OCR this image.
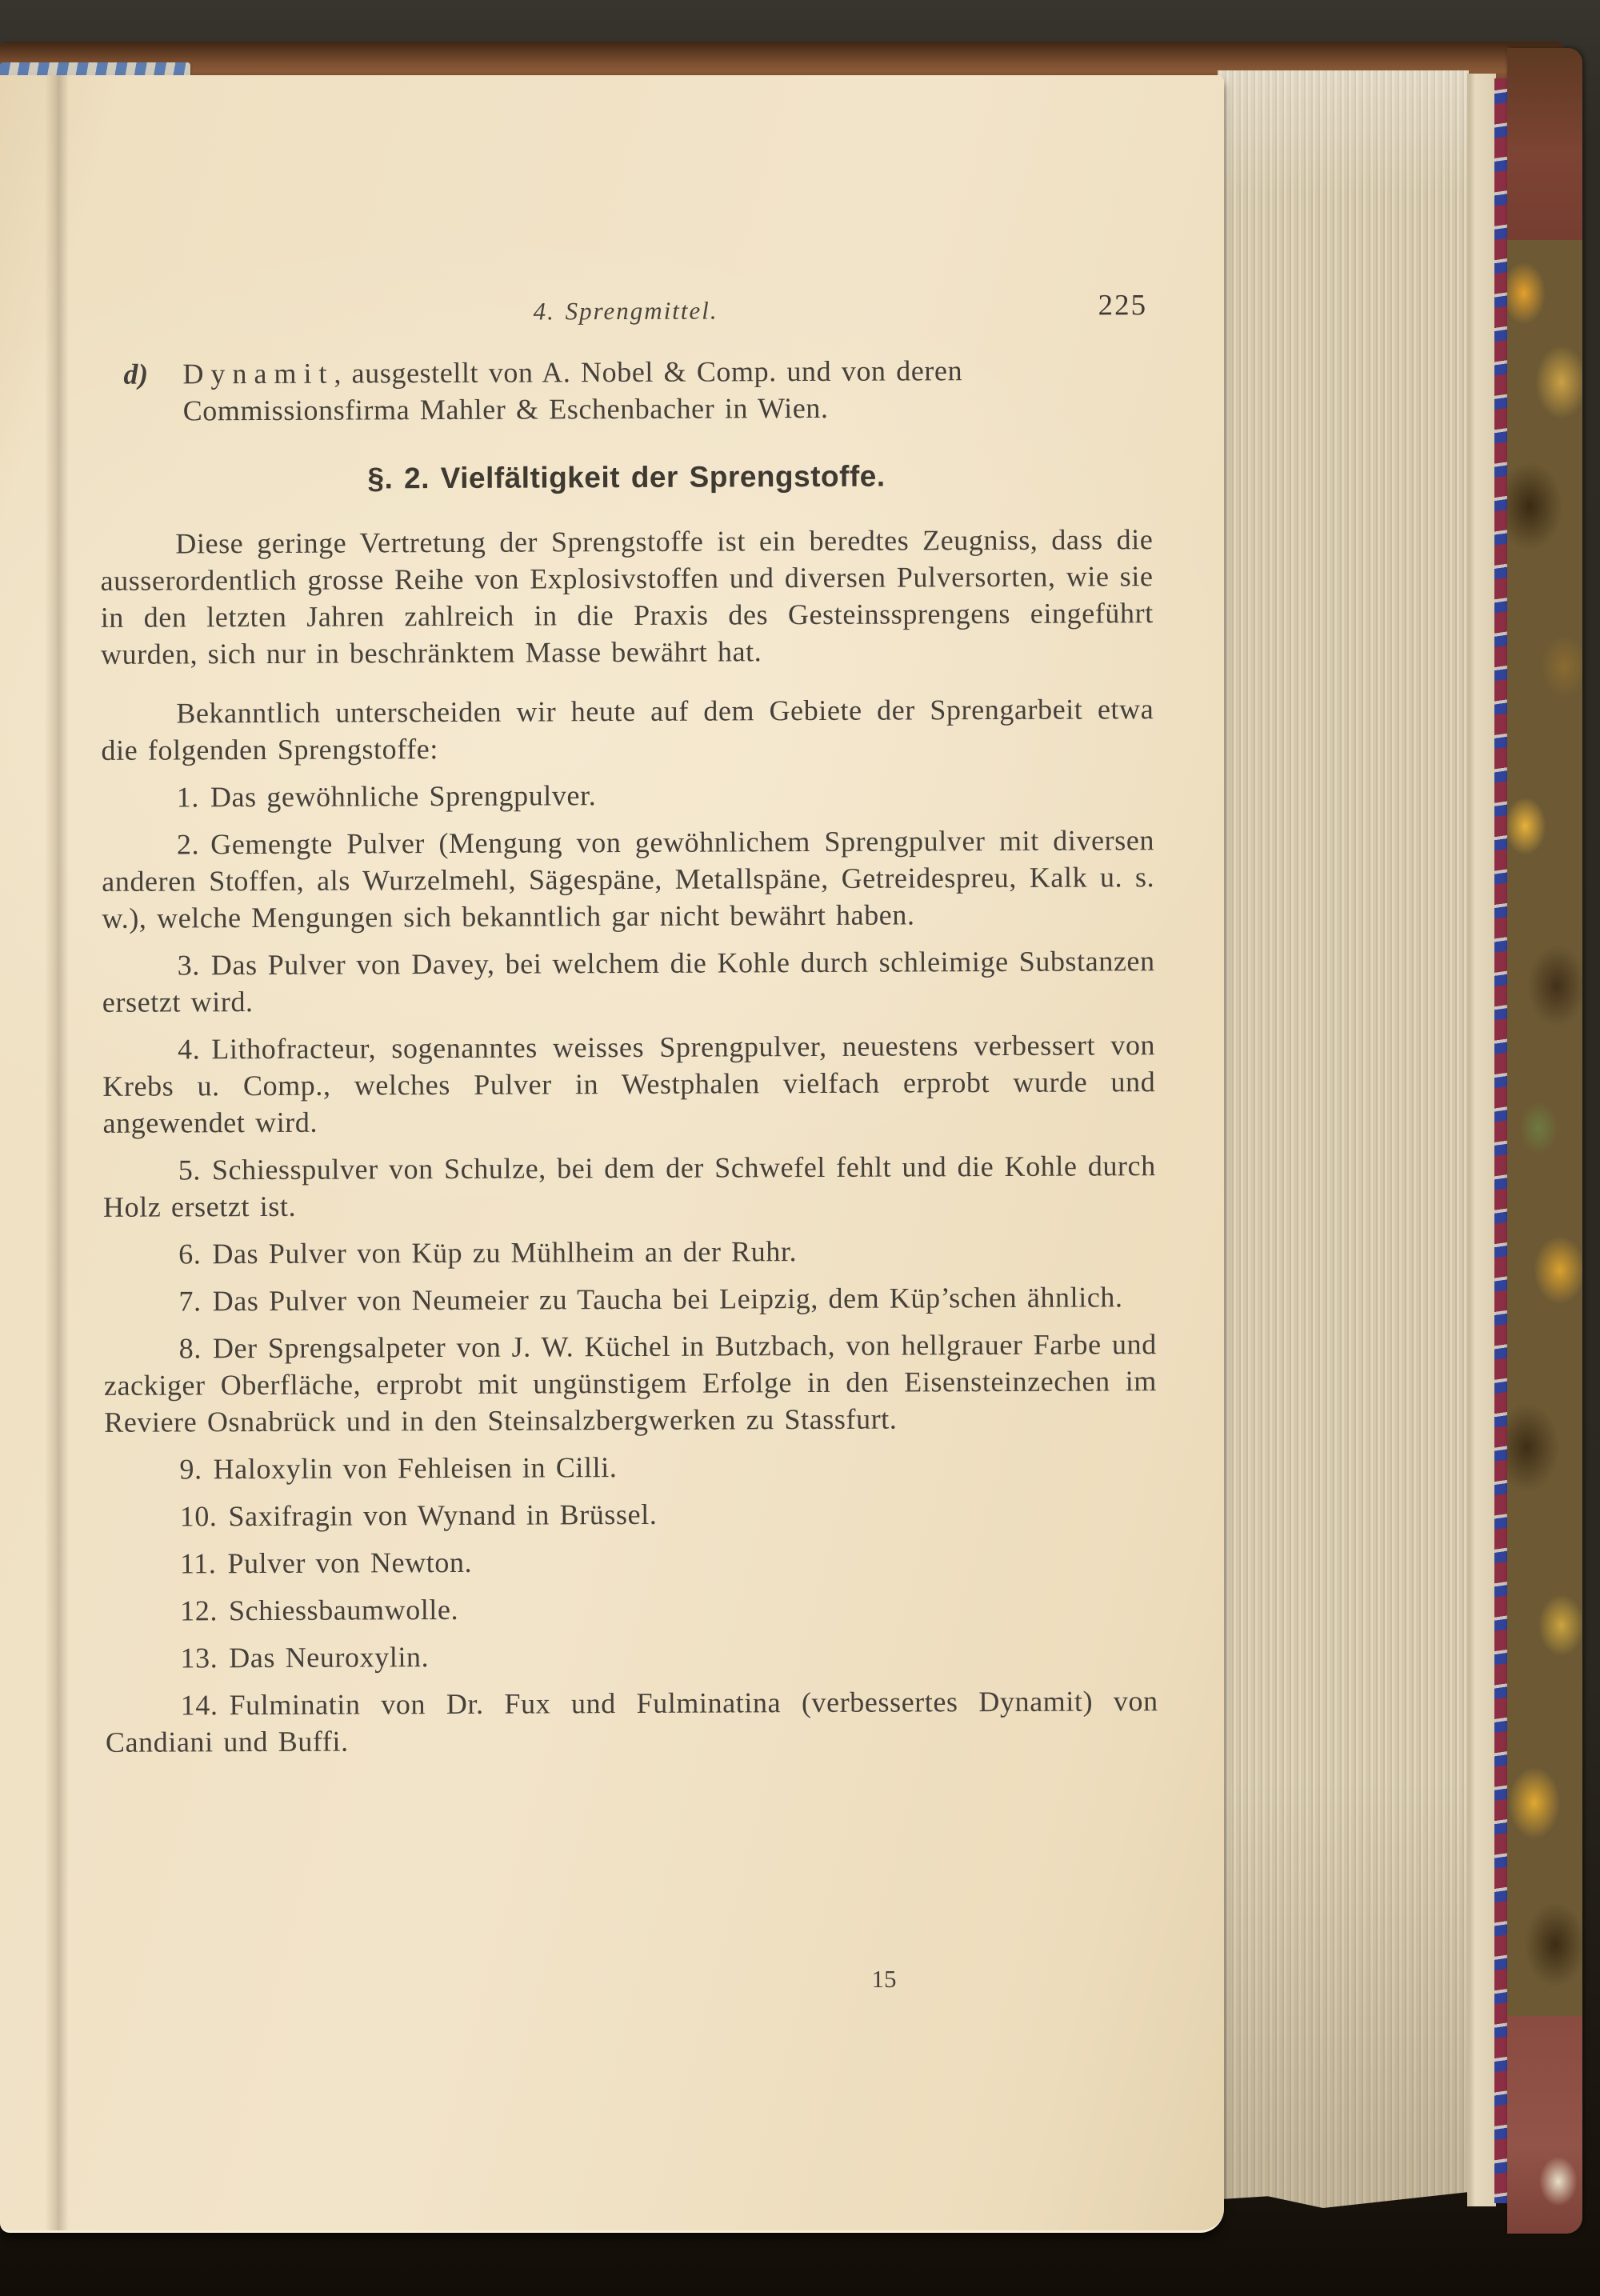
4. Sprengmittel.	225

d) Dynamit, ausgestellt von A. Nobel & Comp. und von deren Commissionsfirma Mahler & Eschenbacher in Wien.

§. 2. Vielfältigkeit der Sprengstoffe.

Diese geringe Vertretung der Sprengstoffe ist ein beredtes Zeugniss, dass die ausserordentlich grosse Reihe von Explosivstoffen und diversen Pulversorten, wie sie in den letzten Jahren zahlreich in die Praxis des Gesteinssprengens eingeführt wurden, sich nur in beschränktem Masse bewährt hat.

Bekanntlich unterscheiden wir heute auf dem Gebiete der Sprengarbeit etwa die folgenden Sprengstoffe:

1. Das gewöhnliche Sprengpulver.

2. Gemengte Pulver (Mengung von gewöhnlichem Sprengpulver mit diversen anderen Stoffen, als Wurzelmehl, Sägespäne, Metallspäne, Getreidespreu, Kalk u. s. w.), welche Mengungen sich bekanntlich gar nicht bewährt haben.

3. Das Pulver von Davey, bei welchem die Kohle durch schleimige Substanzen ersetzt wird.

4. Lithofracteur, sogenanntes weisses Sprengpulver, neuestens verbessert von Krebs u. Comp., welches Pulver in Westphalen vielfach erprobt wurde und angewendet wird.

5. Schiesspulver von Schulze, bei dem der Schwefel fehlt und die Kohle durch Holz ersetzt ist.

6. Das Pulver von Küp zu Mühlheim an der Ruhr.

7. Das Pulver von Neumeier zu Taucha bei Leipzig, dem Küp’schen ähnlich.

8. Der Sprengsalpeter von J. W. Küchel in Butzbach, von hellgrauer Farbe und zackiger Oberfläche, erprobt mit ungünstigem Erfolge in den Eisensteinzechen im Reviere Osnabrück und in den Steinsalzbergwerken zu Stassfurt.

9. Haloxylin von Fehleisen in Cilli.

10. Saxifragin von Wynand in Brüssel.

11. Pulver von Newton.

12. Schiessbaumwolle.

13. Das Neuroxylin.

14. Fulminatin von Dr. Fux und Fulminatina (verbessertes Dynamit) von Candiani und Buffi.

15
